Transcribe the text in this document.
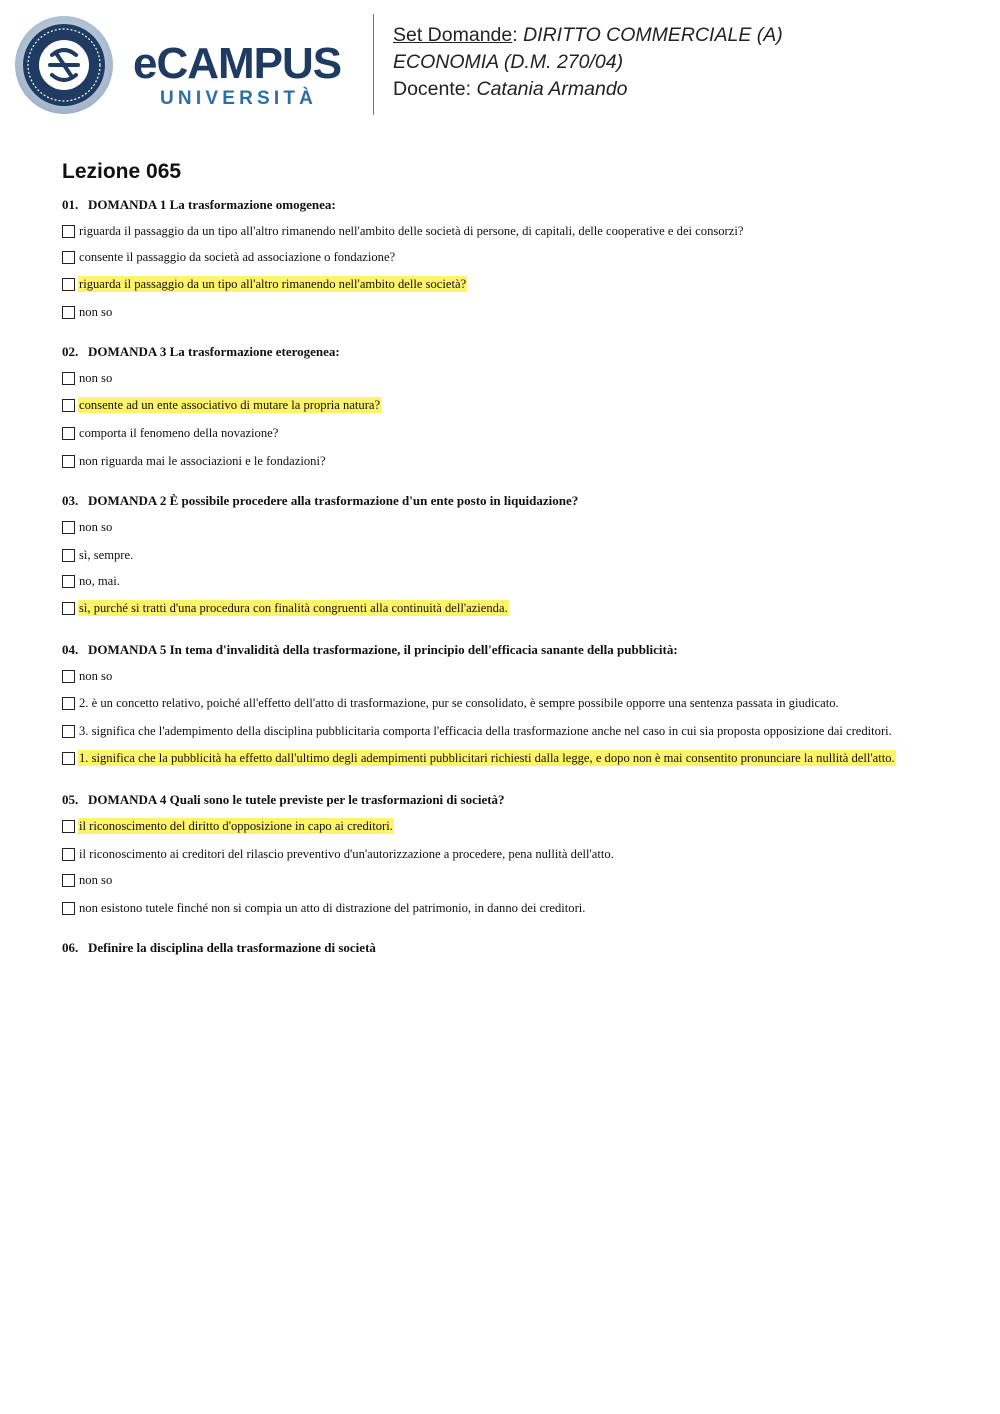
eCAMPUS
UNIVERSITÀ
Set Domande: DIRITTO COMMERCIALE (A)
ECONOMIA (D.M. 270/04)
Docente: Catania Armando
Lezione 065
01. DOMANDA 1 La trasformazione omogenea:
riguarda il passaggio da un tipo all'altro rimanendo nell'ambito delle società di persone, di capitali, delle cooperative e dei consorzi?
consente il passaggio da società ad associazione o fondazione?
riguarda il passaggio da un tipo all'altro rimanendo nell'ambito delle società?
non so
02. DOMANDA 3 La trasformazione eterogenea:
non so
consente ad un ente associativo di mutare la propria natura?
comporta il fenomeno della novazione?
non riguarda mai le associazioni e le fondazioni?
03. DOMANDA 2 È possibile procedere alla trasformazione d'un ente posto in liquidazione?
non so
sì, sempre.
no, mai.
sì, purché si tratti d'una procedura con finalità congruenti alla continuità dell'azienda.
04. DOMANDA 5 In tema d'invalidità della trasformazione, il principio dell'efficacia sanante della pubblicità:
non so
2. è un concetto relativo, poiché all'effetto dell'atto di trasformazione, pur se consolidato, è sempre possibile opporre una sentenza passata in giudicato.
3. significa che l'adempimento della disciplina pubblicitaria comporta l'efficacia della trasformazione anche nel caso in cui sia proposta opposizione dai creditori.
1. significa che la pubblicità ha effetto dall'ultimo degli adempimenti pubblicitari richiesti dalla legge, e dopo non è mai consentito pronunciare la nullità dell'atto.
05. DOMANDA 4 Quali sono le tutele previste per le trasformazioni di società?
il riconoscimento del diritto d'opposizione in capo ai creditori.
il riconoscimento ai creditori del rilascio preventivo d'un'autorizzazione a procedere, pena nullità dell'atto.
non so
non esistono tutele finché non si compia un atto di distrazione del patrimonio, in danno dei creditori.
06. Definire la disciplina della trasformazione di società
